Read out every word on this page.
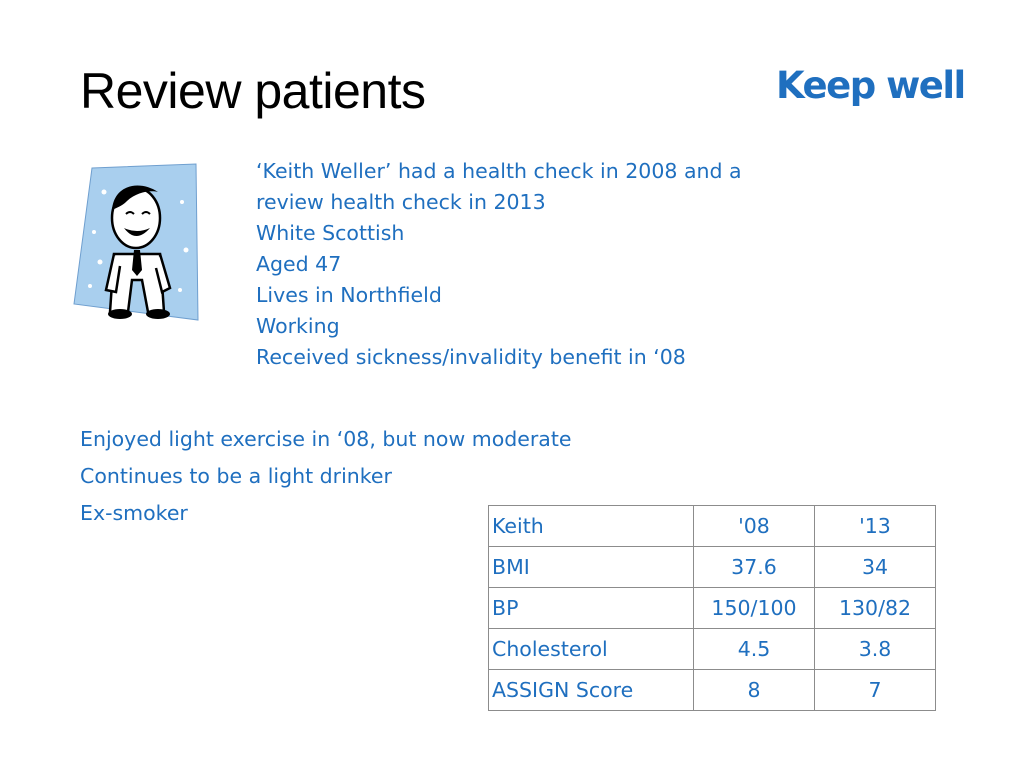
Review patients	Keep well
‘Keith Weller’ had a health check in 2008 and a
review health check in 2013
White Scottish
Aged 47
Lives in Northfield
Working
Received sickness/invalidity benefit in ‘08
Enjoyed light exercise in ‘08, but now moderate
Continues to be a light drinker
Ex-smoker
Keith	'08	'13
BMI	37.6	34
BP	150/100	130/82
Cholesterol	4.5	3.8
ASSIGN Score	8	7
